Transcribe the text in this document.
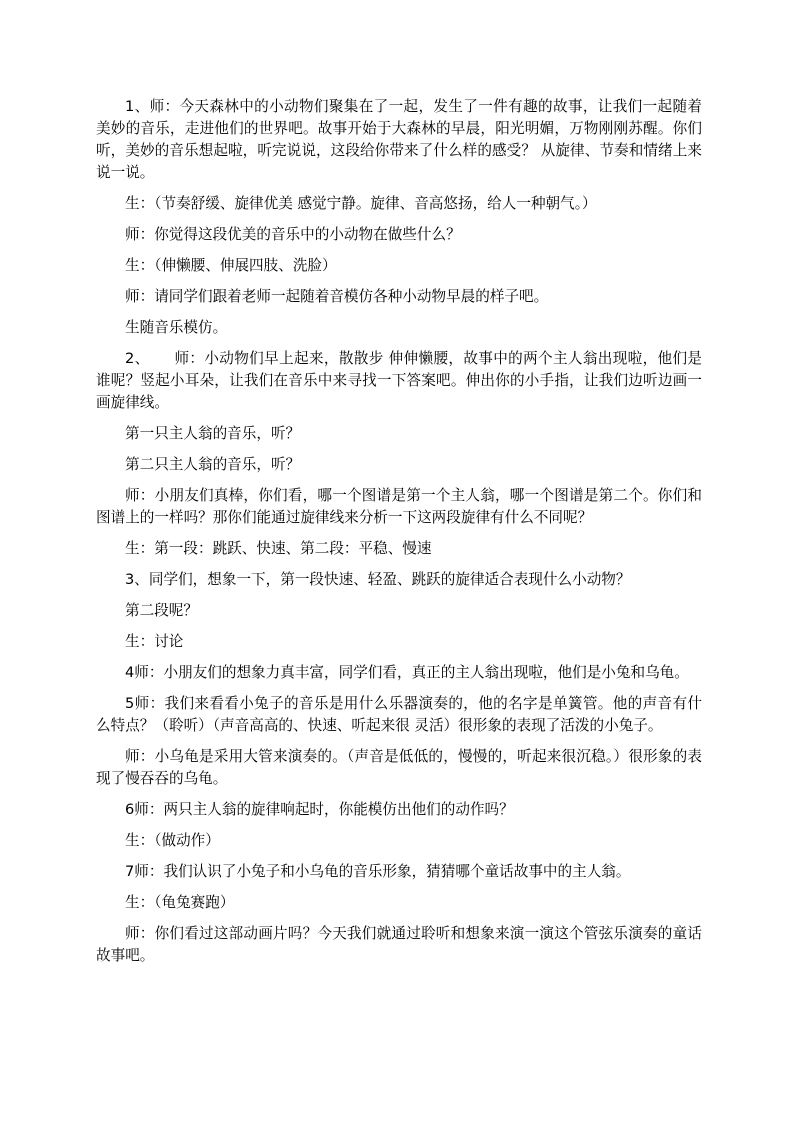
1、师：今天森林中的小动物们聚集在了一起，发生了一件有趣的故事，让我们一起随着美妙的音乐，走进他们的世界吧。故事开始于大森林的早晨，阳光明媚，万物刚刚苏醒。你们听，美妙的音乐想起啦，听完说说，这段给你带来了什么样的感受？ 从旋律、节奏和情绪上来说一说。

生：（节奏舒缓、旋律优美 感觉宁静。旋律、音高悠扬，给人一种朝气。）

师：你觉得这段优美的音乐中的小动物在做些什么？

生：（伸懒腰、伸展四肢、洗脸）

师：请同学们跟着老师一起随着音模仿各种小动物早晨的样子吧。

生随音乐模仿。

2、     师：小动物们早上起来，散散步 伸伸懒腰，故事中的两个主人翁出现啦，他们是谁呢？竖起小耳朵，让我们在音乐中来寻找一下答案吧。伸出你的小手指，让我们边听边画一画旋律线。

第一只主人翁的音乐，听？

第二只主人翁的音乐，听？

师：小朋友们真棒，你们看，哪一个图谱是第一个主人翁，哪一个图谱是第二个。你们和图谱上的一样吗？那你们能通过旋律线来分析一下这两段旋律有什么不同呢？

生：第一段：跳跃、快速、第二段：平稳、慢速

3、同学们，想象一下，第一段快速、轻盈、跳跃的旋律适合表现什么小动物？

第二段呢？

生：讨论

4师：小朋友们的想象力真丰富，同学们看，真正的主人翁出现啦，他们是小兔和乌龟。

5师：我们来看看小兔子的音乐是用什么乐器演奏的，他的名字是单簧管。他的声音有什么特点？（聆听）（声音高高的、快速、听起来很 灵活）很形象的表现了活泼的小兔子。

师：小乌龟是采用大管来演奏的。（声音是低低的，慢慢的，听起来很沉稳。）很形象的表现了慢吞吞的乌龟。

6师：两只主人翁的旋律响起时，你能模仿出他们的动作吗？

生：（做动作）

7师：我们认识了小兔子和小乌龟的音乐形象，猜猜哪个童话故事中的主人翁。

生：（龟兔赛跑）

师：你们看过这部动画片吗？今天我们就通过聆听和想象来演一演这个管弦乐演奏的童话故事吧。
